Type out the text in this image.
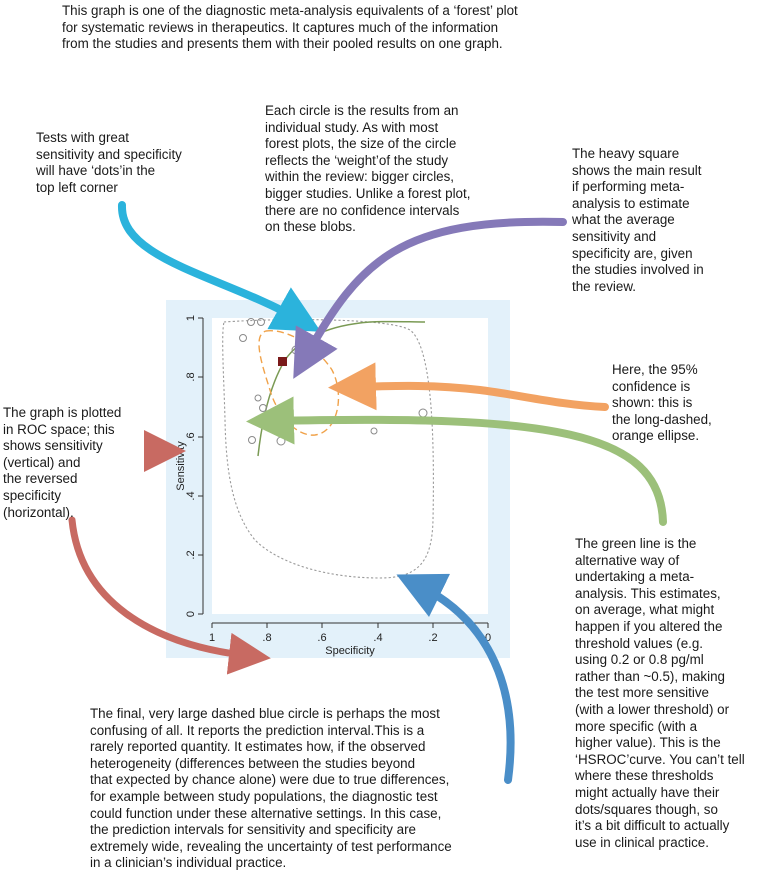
0
.2
.4
.6
.8
1
Sensitivity
1	.8	.6	.4	.2	0
Specificity
This graph is one of the diagnostic meta-analysis equivalents of a ‘forest’ plot
for systematic reviews in therapeutics. It captures much of the information
from the studies and presents them with their pooled results on one graph.
Tests with great
sensitivity and specificity
will have ‘dots’in the
top left corner
Each circle is the results from an
individual study. As with most
forest plots, the size of the circle
reflects the ‘weight’of the study
within the review: bigger circles,
bigger studies. Unlike a forest plot,
there are no confidence intervals
on these blobs.
The heavy square
shows the main result
if performing meta-
analysis to estimate
what the average
sensitivity and
specificity are, given
the studies involved in
the review.
Here, the 95%
confidence is
shown: this is
the long-dashed,
orange ellipse.
The graph is plotted
in ROC space; this
shows sensitivity
(vertical) and
the reversed
specificity
(horizontal).
The green line is the
alternative way of
undertaking a meta-
analysis. This estimates,
on average, what might
happen if you altered the
threshold values (e.g.
using 0.2 or 0.8 pg/ml
rather than ~0.5), making
the test more sensitive
(with a lower threshold) or
more specific (with a
higher value). This is the
‘HSROC’curve. You can’t tell
where these thresholds
might actually have their
dots/squares though, so
it’s a bit difficult to actually
use in clinical practice.
The final, very large dashed blue circle is perhaps the most
confusing of all. It reports the prediction interval.This is a
rarely reported quantity. It estimates how, if the observed
heterogeneity (differences between the studies beyond
that expected by chance alone) were due to true differences,
for example between study populations, the diagnostic test
could function under these alternative settings. In this case,
the prediction intervals for sensitivity and specificity are
extremely wide, revealing the uncertainty of test performance
in a clinician’s individual practice.
